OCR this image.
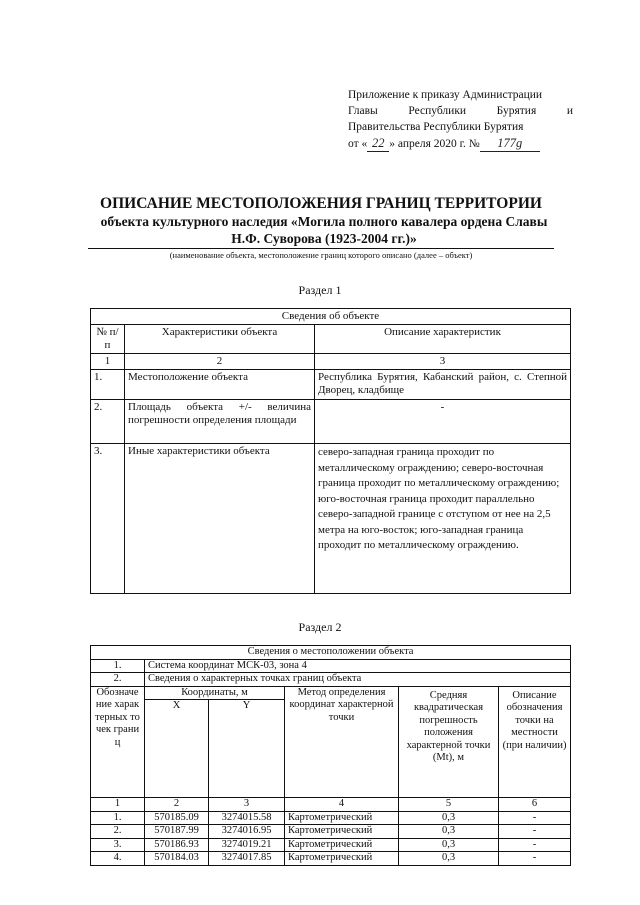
Приложение к приказу Администрации
Главы	Республики	Бурятия	и
Правительства Республики Бурятия
от « 22 » апреля 2020 г. № 177g
ОПИСАНИЕ МЕСТОПОЛОЖЕНИЯ ГРАНИЦ ТЕРРИТОРИИ
объекта культурного наследия «Могила полного кавалера ордена Славы
Н.Ф. Суворова (1923-2004 гг.)»
(наименование объекта, местоположение границ которого описано (далее – объект)
Раздел 1
Сведения об объекте		
№ п/п	Характеристики объекта	Описание характеристик
1	2	3
1.	Местоположение объекта	Республика Бурятия, Кабанский район, с. Степной Дворец, кладбище
2.	Площадь объекта +/- величина погрешности определения площади	-
3.	Иные характеристики объекта	северо-западная граница проходит по металлическому ограждению; северо-восточная граница проходит по металлическому ограждению; юго-восточная граница проходит параллельно северо-западной границе с отступом от нее на 2,5 метра на юго-восток; юго-западная граница проходит по металлическому ограждению.
Раздел 2
Сведения о местоположении объекта					
1.	Система координат МСК-03, зона 4				
2.	Сведения о характерных точках границ объекта				
Обозначение характерных точек границ	Координаты, м		Метод определения координат характерной точки	Средняя квадратическая погрешность положения характерной точки (Мt), м	Описание обозначения точки на местности (при наличии)
	X	Y			
1	2	3	4	5	6
1.	570185.09	3274015.58	Картометрический	0,3	-
2.	570187.99	3274016.95	Картометрический	0,3	-
3.	570186.93	3274019.21	Картометрический	0,3	-
4.	570184.03	3274017.85	Картометрический	0,3	-
